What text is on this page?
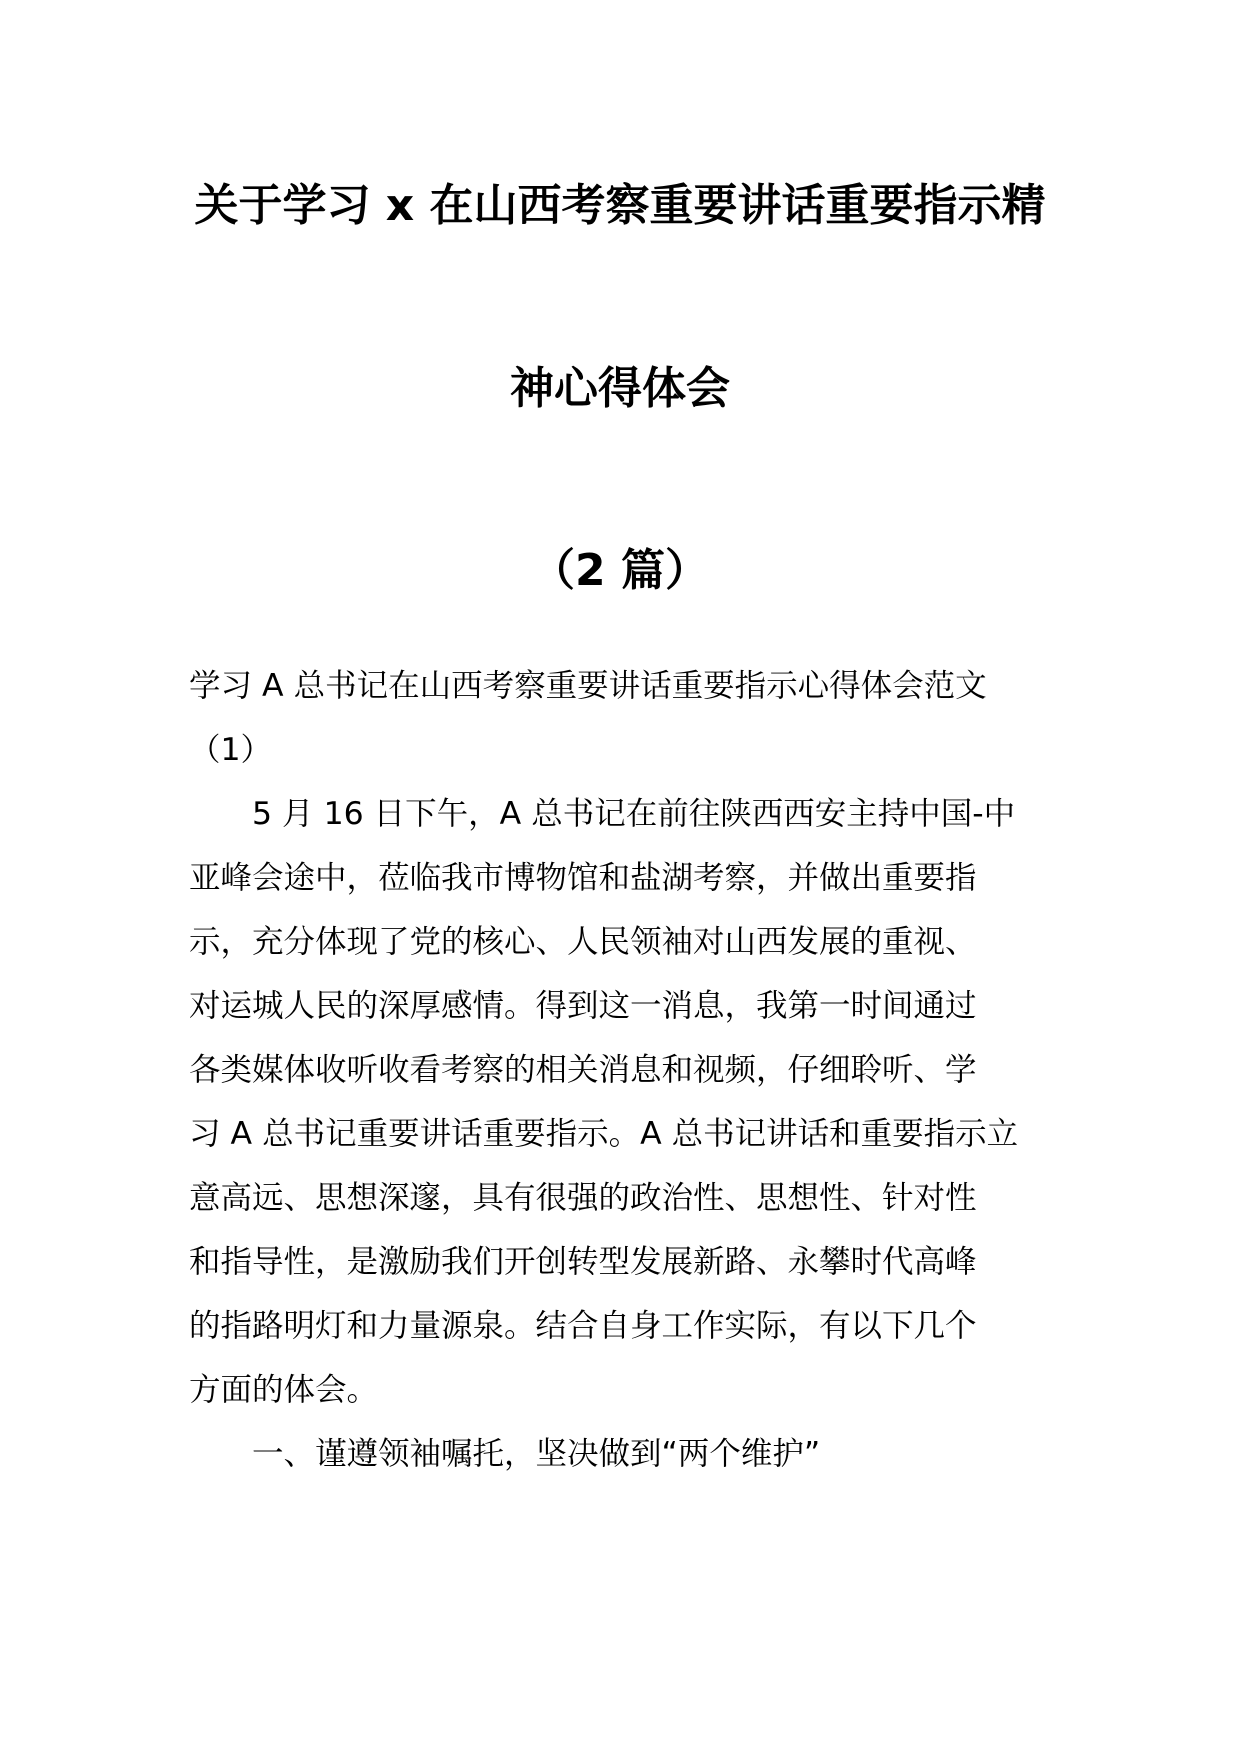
关于学习 x 在山西考察重要讲话重要指示精
神心得体会
（2 篇）
学习 A 总书记在山西考察重要讲话重要指示心得体会范文
（1）
　　5 月 16 日下午，A 总书记在前往陕西西安主持中国-中
亚峰会途中，莅临我市博物馆和盐湖考察，并做出重要指
示，充分体现了党的核心、人民领袖对山西发展的重视、
对运城人民的深厚感情。得到这一消息，我第一时间通过
各类媒体收听收看考察的相关消息和视频，仔细聆听、学
习 A 总书记重要讲话重要指示。A 总书记讲话和重要指示立
意高远、思想深邃，具有很强的政治性、思想性、针对性
和指导性，是激励我们开创转型发展新路、永攀时代高峰
的指路明灯和力量源泉。结合自身工作实际，有以下几个
方面的体会。
　　一、谨遵领袖嘱托，坚决做到“两个维护”
